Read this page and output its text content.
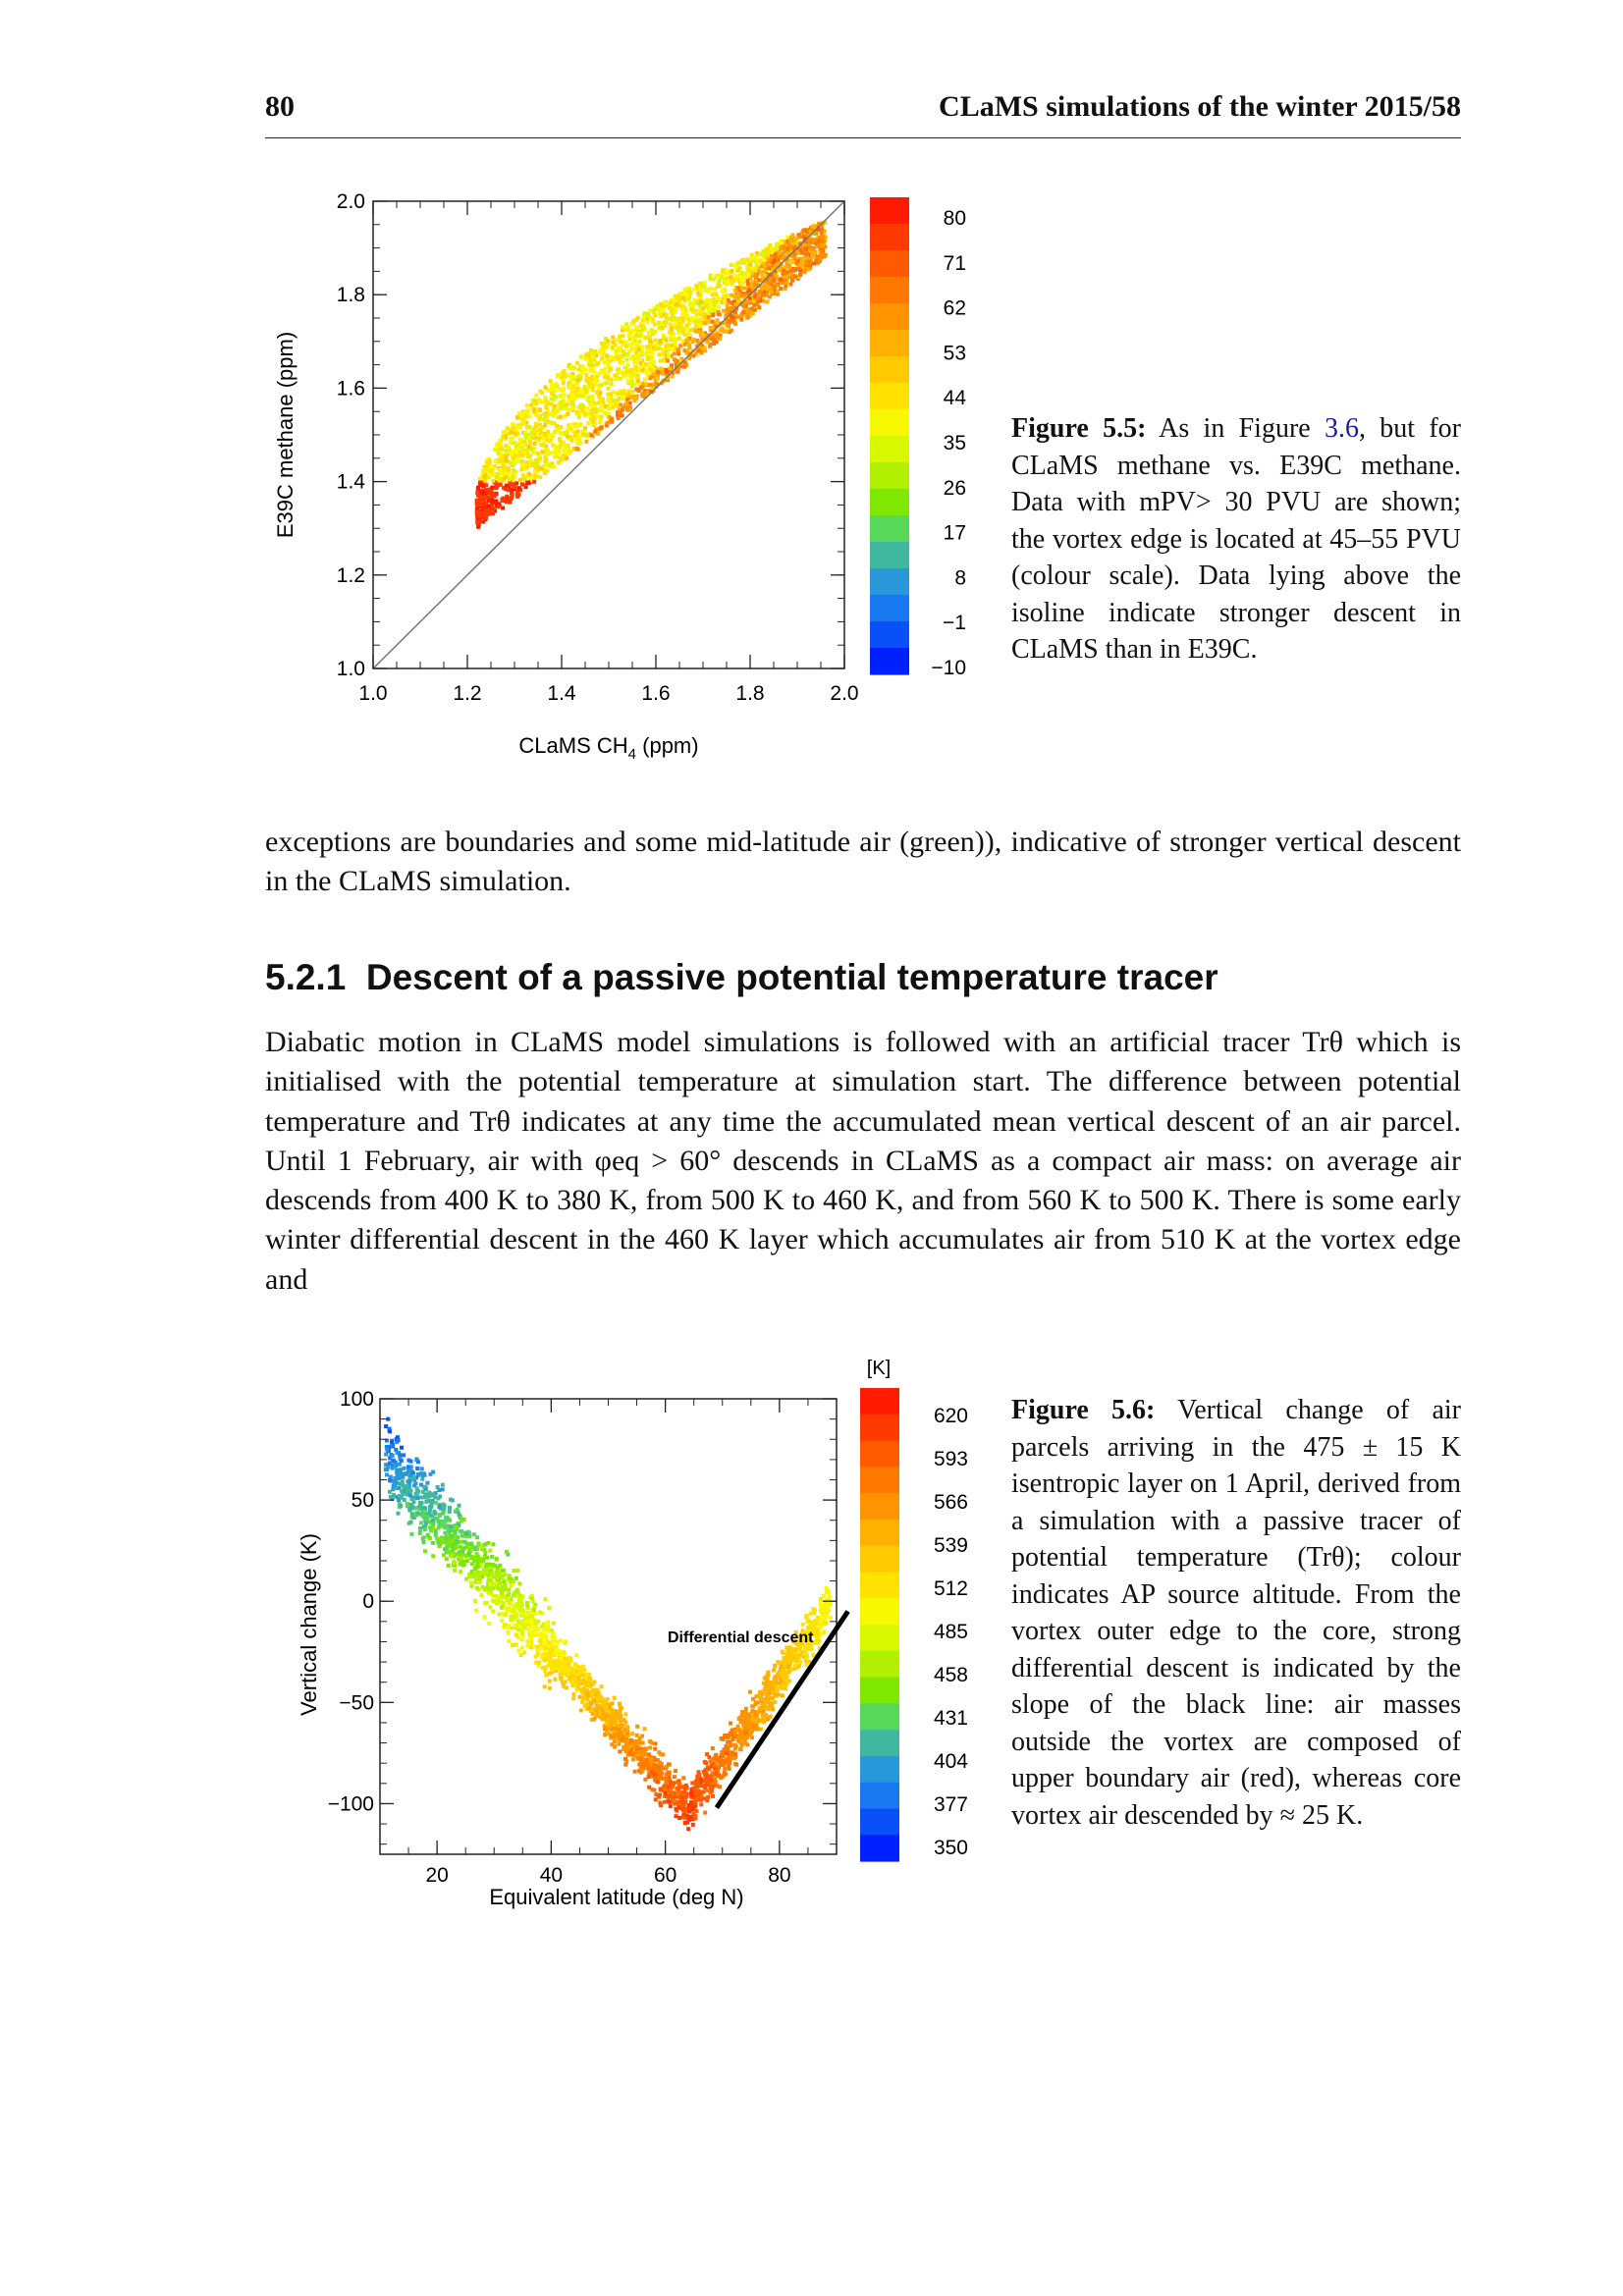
80	CLaMS simulations of the winter 2015/58
1.0	1.2	1.4	1.6	1.8	2.0
1.0
1.2
1.4
1.6
1.8
2.0
E39C methane (ppm)
CLaMS $CH_4$ (ppm)
80
71
62
53
44
35
26
17
8
−1
−10
Figure 5.5: As in Figure 3.6, but for CLaMS methane vs. E39C methane. Data with mPV> 30 PVU are shown; the vortex edge is located at 45–55 PVU (colour scale). Data lying above the isoline indicate stronger descent in CLaMS than in E39C.
exceptions are boundaries and some mid-latitude air (green)), indicative of stronger vertical descent in the CLaMS simulation.
5.2.1 Descent of a passive potential temperature tracer
Diabatic motion in CLaMS model simulations is followed with an artificial tracer Trθ which is initialised with the potential temperature at simulation start. The difference between potential temperature and Trθ indicates at any time the accumulated mean vertical descent of an air parcel. Until 1 February, air with φeq > 60° descends in CLaMS as a compact air mass: on average air descends from 400 K to 380 K, from 500 K to 460 K, and from 560 K to 500 K. There is some early winter differential descent in the 460 K layer which accumulates air from 510 K at the vortex edge and
Differential descent
20	40	60	80
100
50
0
−50
−100
Vertical change (K)
Equivalent latitude (deg N)
[K]
620
593
566
539
512
485
458
431
404
377
350
Figure 5.6: Vertical change of air parcels arriving in the 475 ± 15 K isentropic layer on 1 April, derived from a simulation with a passive tracer of potential temperature (Trθ); colour indicates AP source altitude. From the vortex outer edge to the core, strong differential descent is indicated by the slope of the black line: air masses outside the vortex are composed of upper boundary air (red), whereas core vortex air descended by ≈ 25 K.
